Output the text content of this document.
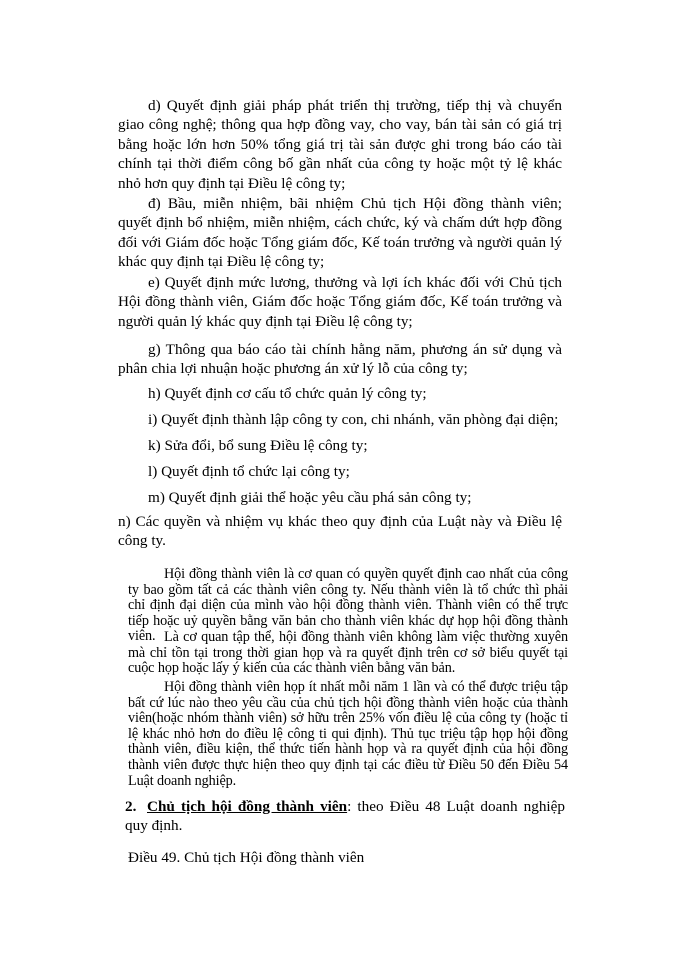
d) Quyết định giải pháp phát triển thị trường, tiếp thị và chuyển giao công nghệ; thông qua hợp đồng vay, cho vay, bán tài sản có giá trị bằng hoặc lớn hơn 50% tổng giá trị tài sản được ghi trong báo cáo tài chính tại thời điểm công bố gần nhất của công ty hoặc một tỷ lệ khác nhỏ hơn quy định tại Điều lệ công ty;

đ) Bầu, miễn nhiệm, bãi nhiệm Chủ tịch Hội đồng thành viên; quyết định bổ nhiệm, miễn nhiệm, cách chức, ký và chấm dứt hợp đồng đối với Giám đốc hoặc Tổng giám đốc, Kế toán trưởng và người quản lý khác quy định tại Điều lệ công ty;

e) Quyết định mức lương, thưởng và lợi ích khác đối với Chủ tịch Hội đồng thành viên, Giám đốc hoặc Tổng giám đốc, Kế toán trưởng và người quản lý khác quy định tại Điều lệ công ty;

g) Thông qua báo cáo tài chính hằng năm, phương án sử dụng và phân chia lợi nhuận hoặc phương án xử lý lỗ của công ty;

h) Quyết định cơ cấu tổ chức quản lý công ty;

i) Quyết định thành lập công ty con, chi nhánh, văn phòng đại diện;

k) Sửa đổi, bổ sung Điều lệ công ty;

l) Quyết định tổ chức lại công ty;

m) Quyết định giải thể hoặc yêu cầu phá sản công ty;

n) Các quyền và nhiệm vụ khác theo quy định của Luật này và Điều lệ công ty.

Hội đồng thành viên là cơ quan có quyền quyết định cao nhất của công ty bao gồm tất cả các thành viên công ty. Nếu thành viên là tổ chức thì phải chỉ định đại diện của mình vào hội đồng thành viên. Thành viên có thể trực tiếp hoặc uỷ quyền bằng văn bản cho thành viên khác dự họp hội đồng thành viên. Là cơ quan tập thể, hội đồng thành viên không làm việc thường xuyên mà chỉ tồn tại trong thời gian họp và ra quyết định trên cơ sở biểu quyết tại cuộc họp hoặc lấy ý kiến của các thành viên bằng văn bản.

Hội đồng thành viên họp ít nhất mỗi năm 1 lần và có thể được triệu tập bất cứ lúc nào theo yêu cầu của chủ tịch hội đồng thành viên hoặc của thành viên(hoặc nhóm thành viên) sở hữu trên 25% vốn điều lệ của công ty (hoặc tỉ lệ khác nhỏ hơn do điều lệ công ti qui định). Thủ tục triệu tập họp hội đồng thành viên, điều kiện, thể thức tiến hành họp và ra quyết định của hội đồng thành viên được thực hiện theo quy định tại các điều từ Điều 50 đến Điều 54 Luật doanh nghiệp.

2. Chủ tịch hội đồng thành viên: theo Điều 48 Luật doanh nghiệp quy định.

Điều 49. Chủ tịch Hội đồng thành viên
